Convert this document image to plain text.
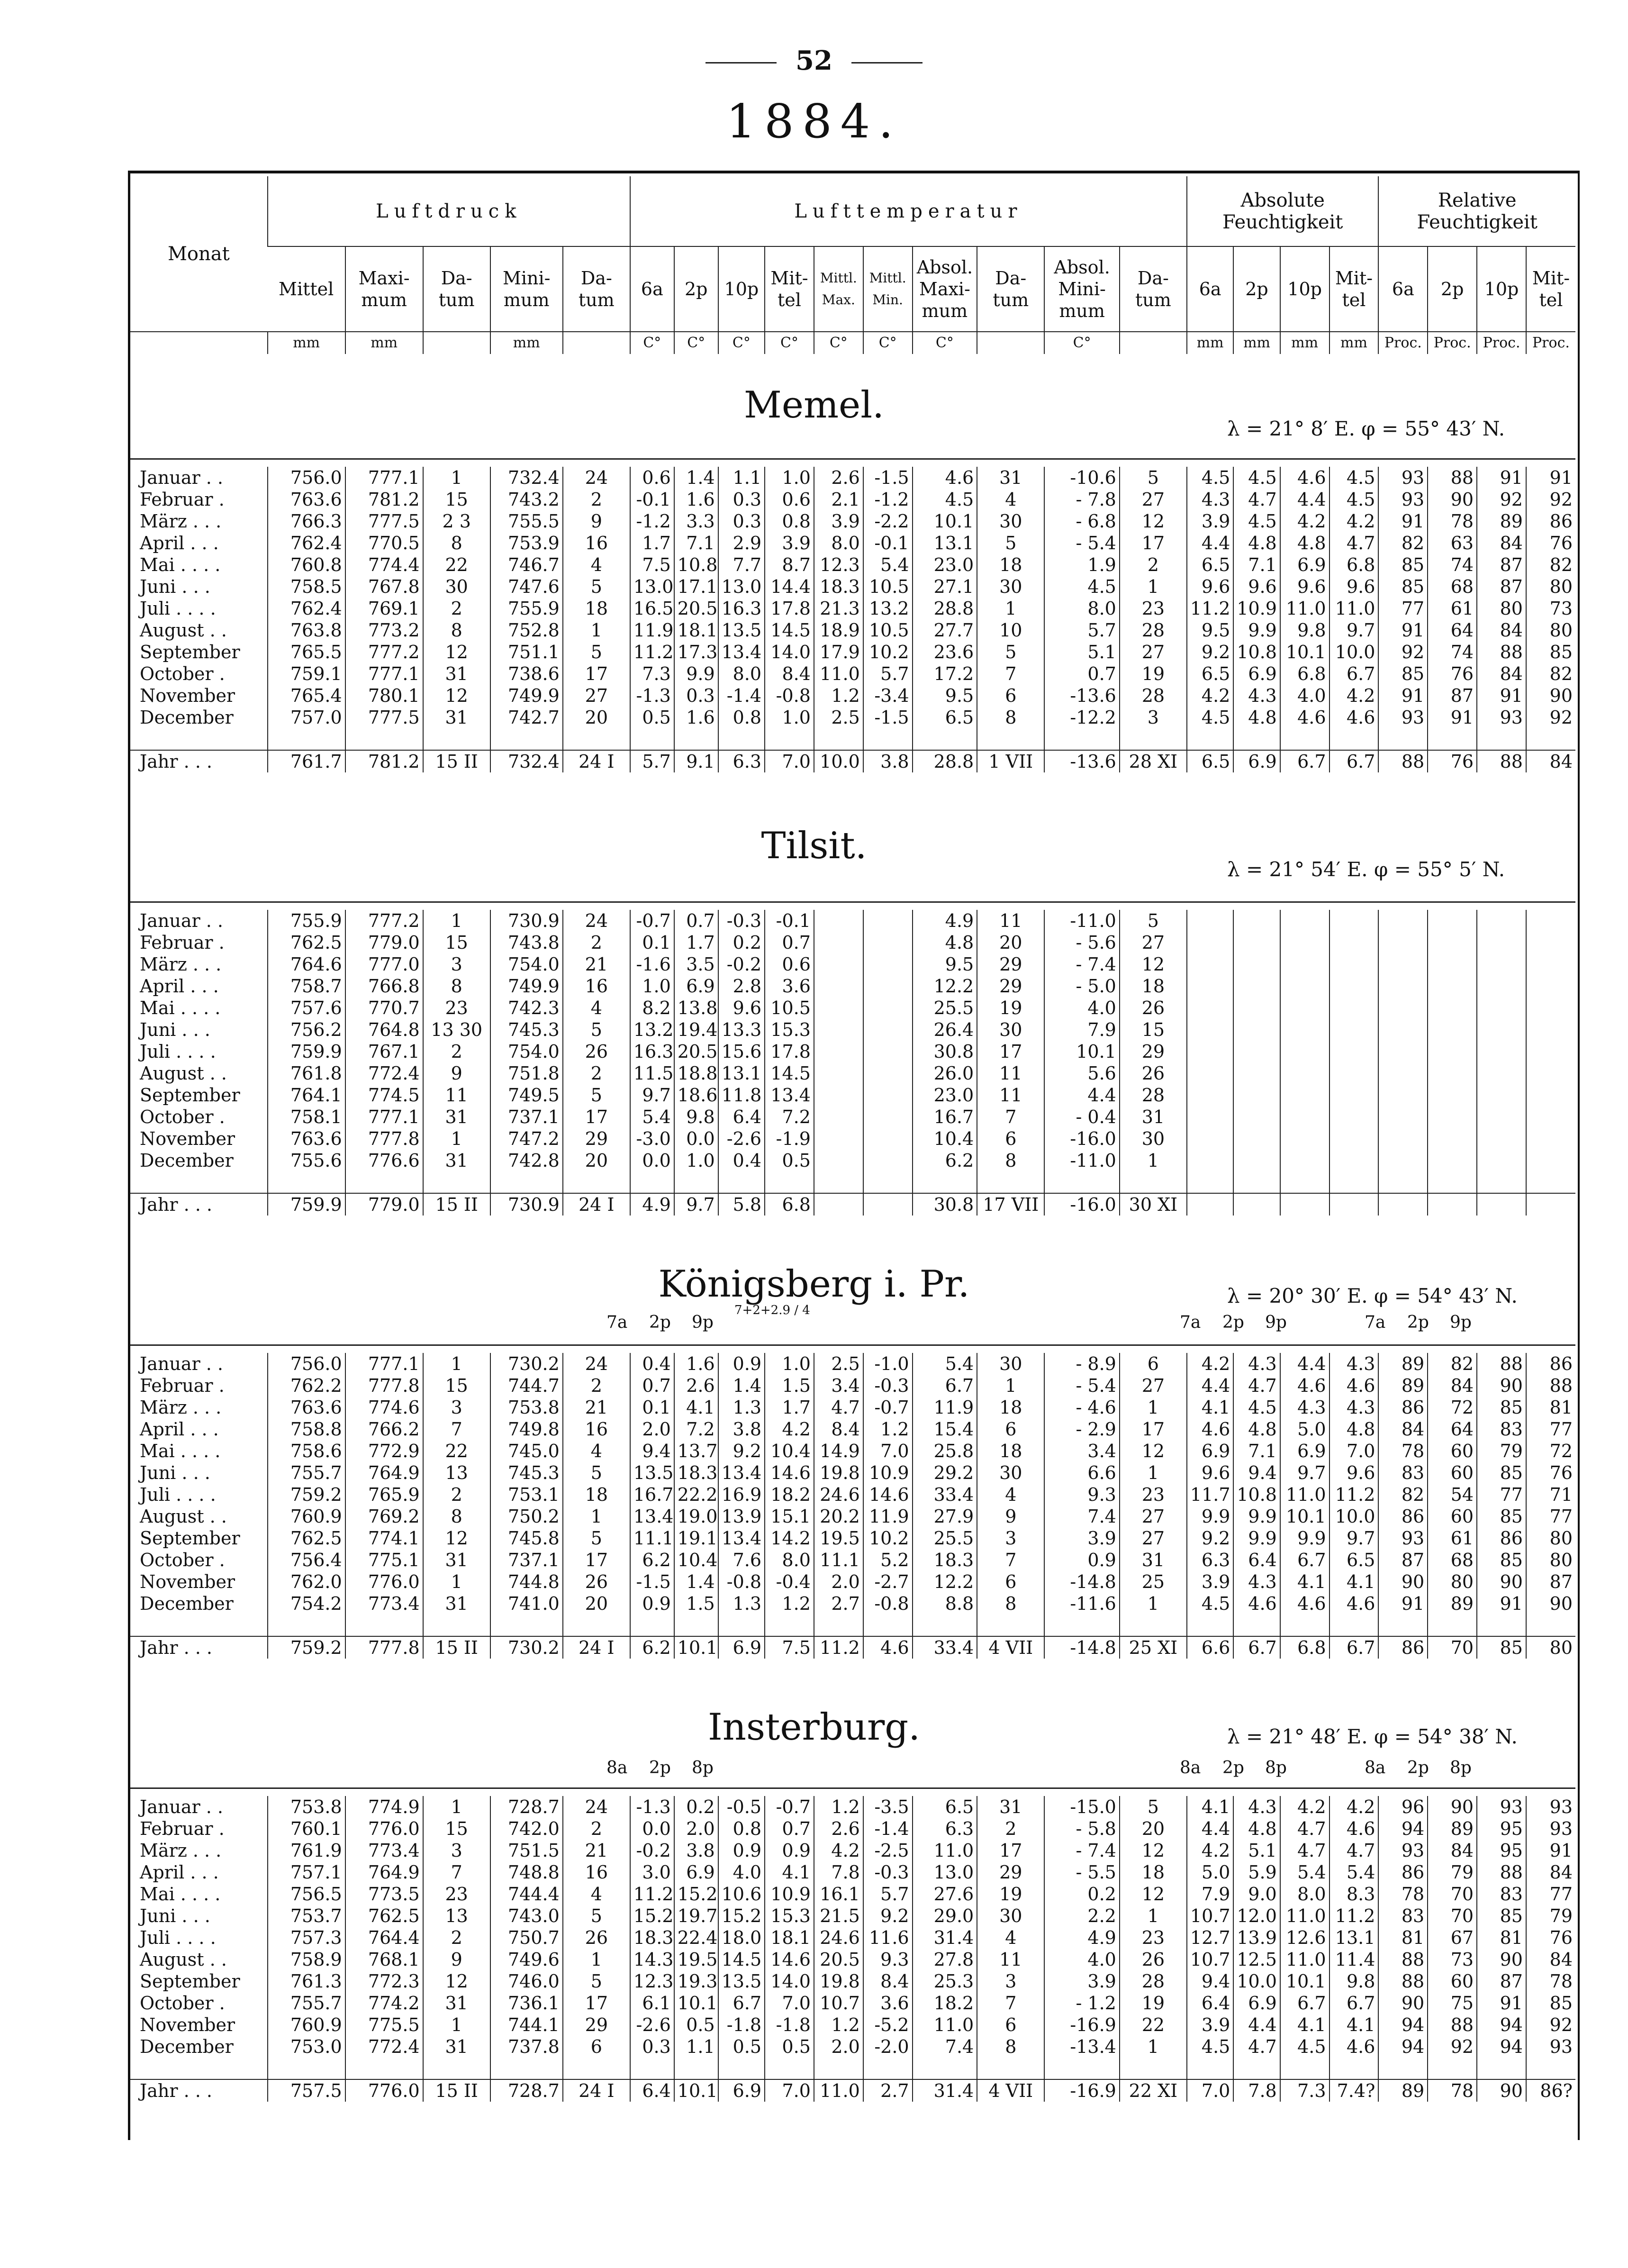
52
1884.
Monat	Luftdruck					Lufttemperatur										Absolute Feuchtigkeit				Relative Feuchtigkeit			
	Mittel	Maxi-mum	Da-tum	Mini-mum	Da-tum	6a	2p	10p	Mit-tel	Mittl. Max.	Mittl. Min.	Absol. Maxi-mum	Da-tum	Absol. Mini-mum	Da-tum	6a	2p	10p	Mit-tel	6a	2p	10p	Mit-tel
	mm	mm		mm		C°	C°	C°	C°	C°	C°	C°		C°		mm	mm	mm	mm	Proc.	Proc.	Proc.	Proc.
Memel.
λ = 21° 8′ E. φ = 55° 43′ N.
Januar . .	756.0	777.1	1	732.4	24	0.6	1.4	1.1	1.0	2.6	-1.5	4.6	31	-10.6	5	4.5	4.5	4.6	4.5	93	88	91	91
Februar .	763.6	781.2	15	743.2	2	-0.1	1.6	0.3	0.6	2.1	-1.2	4.5	4	- 7.8	27	4.3	4.7	4.4	4.5	93	90	92	92
März . . .	766.3	777.5	2 3	755.5	9	-1.2	3.3	0.3	0.8	3.9	-2.2	10.1	30	- 6.8	12	3.9	4.5	4.2	4.2	91	78	89	86
April . . .	762.4	770.5	8	753.9	16	1.7	7.1	2.9	3.9	8.0	-0.1	13.1	5	- 5.4	17	4.4	4.8	4.8	4.7	82	63	84	76
Mai . . . .	760.8	774.4	22	746.7	4	7.5	10.8	7.7	8.7	12.3	5.4	23.0	18	1.9	2	6.5	7.1	6.9	6.8	85	74	87	82
Juni . . .	758.5	767.8	30	747.6	5	13.0	17.1	13.0	14.4	18.3	10.5	27.1	30	4.5	1	9.6	9.6	9.6	9.6	85	68	87	80
Juli . . . .	762.4	769.1	2	755.9	18	16.5	20.5	16.3	17.8	21.3	13.2	28.8	1	8.0	23	11.2	10.9	11.0	11.0	77	61	80	73
August . .	763.8	773.2	8	752.8	1	11.9	18.1	13.5	14.5	18.9	10.5	27.7	10	5.7	28	9.5	9.9	9.8	9.7	91	64	84	80
September	765.5	777.2	12	751.1	5	11.2	17.3	13.4	14.0	17.9	10.2	23.6	5	5.1	27	9.2	10.8	10.1	10.0	92	74	88	85
October .	759.1	777.1	31	738.6	17	7.3	9.9	8.0	8.4	11.0	5.7	17.2	7	0.7	19	6.5	6.9	6.8	6.7	85	76	84	82
November	765.4	780.1	12	749.9	27	-1.3	0.3	-1.4	-0.8	1.2	-3.4	9.5	6	-13.6	28	4.2	4.3	4.0	4.2	91	87	91	90
December	757.0	777.5	31	742.7	20	0.5	1.6	0.8	1.0	2.5	-1.5	6.5	8	-12.2	3	4.5	4.8	4.6	4.6	93	91	93	92

Jahr . . .	761.7	781.2	15 II	732.4	24 I	5.7	9.1	6.3	7.0	10.0	3.8	28.8	1 VII	-13.6	28 XI	6.5	6.9	6.7	6.7	88	76	88	84
Tilsit.
λ = 21° 54′ E. φ = 55° 5′ N.
Januar . .	755.9	777.2	1	730.9	24	-0.7	0.7	-0.3	-0.1			4.9	11	-11.0	5								
Februar .	762.5	779.0	15	743.8	2	0.1	1.7	0.2	0.7			4.8	20	- 5.6	27								
März . . .	764.6	777.0	3	754.0	21	-1.6	3.5	-0.2	0.6			9.5	29	- 7.4	12								
April . . .	758.7	766.8	8	749.9	16	1.0	6.9	2.8	3.6			12.2	29	- 5.0	18								
Mai . . . .	757.6	770.7	23	742.3	4	8.2	13.8	9.6	10.5			25.5	19	4.0	26								
Juni . . .	756.2	764.8	13 30	745.3	5	13.2	19.4	13.3	15.3			26.4	30	7.9	15								
Juli . . . .	759.9	767.1	2	754.0	26	16.3	20.5	15.6	17.8			30.8	17	10.1	29								
August . .	761.8	772.4	9	751.8	2	11.5	18.8	13.1	14.5			26.0	11	5.6	26								
September	764.1	774.5	11	749.5	5	9.7	18.6	11.8	13.4			23.0	11	4.4	28								
October .	758.1	777.1	31	737.1	17	5.4	9.8	6.4	7.2			16.7	7	- 0.4	31								
November	763.6	777.8	1	747.2	29	-3.0	0.0	-2.6	-1.9			10.4	6	-16.0	30								
December	755.6	776.6	31	742.8	20	0.0	1.0	0.4	0.5			6.2	8	-11.0	1								

Jahr . . .	759.9	779.0	15 II	730.9	24 I	4.9	9.7	5.8	6.8			30.8	17 VII	-16.0	30 XI								
Königsberg i. Pr.	λ = 20° 30′ E. φ = 54° 43′ N.
7a 2p 9p
7+2+2.9 / 4
7a 2p 9p	7a 2p 9p
Januar . .	756.0	777.1	1	730.2	24	0.4	1.6	0.9	1.0	2.5	-1.0	5.4	30	- 8.9	6	4.2	4.3	4.4	4.3	89	82	88	86
Februar .	762.2	777.8	15	744.7	2	0.7	2.6	1.4	1.5	3.4	-0.3	6.7	1	- 5.4	27	4.4	4.7	4.6	4.6	89	84	90	88
März . . .	763.6	774.6	3	753.8	21	0.1	4.1	1.3	1.7	4.7	-0.7	11.9	18	- 4.6	1	4.1	4.5	4.3	4.3	86	72	85	81
April . . .	758.8	766.2	7	749.8	16	2.0	7.2	3.8	4.2	8.4	1.2	15.4	6	- 2.9	17	4.6	4.8	5.0	4.8	84	64	83	77
Mai . . . .	758.6	772.9	22	745.0	4	9.4	13.7	9.2	10.4	14.9	7.0	25.8	18	3.4	12	6.9	7.1	6.9	7.0	78	60	79	72
Juni . . .	755.7	764.9	13	745.3	5	13.5	18.3	13.4	14.6	19.8	10.9	29.2	30	6.6	1	9.6	9.4	9.7	9.6	83	60	85	76
Juli . . . .	759.2	765.9	2	753.1	18	16.7	22.2	16.9	18.2	24.6	14.6	33.4	4	9.3	23	11.7	10.8	11.0	11.2	82	54	77	71
August . .	760.9	769.2	8	750.2	1	13.4	19.0	13.9	15.1	20.2	11.9	27.9	9	7.4	27	9.9	9.9	10.1	10.0	86	60	85	77
September	762.5	774.1	12	745.8	5	11.1	19.1	13.4	14.2	19.5	10.2	25.5	3	3.9	27	9.2	9.9	9.9	9.7	93	61	86	80
October .	756.4	775.1	31	737.1	17	6.2	10.4	7.6	8.0	11.1	5.2	18.3	7	0.9	31	6.3	6.4	6.7	6.5	87	68	85	80
November	762.0	776.0	1	744.8	26	-1.5	1.4	-0.8	-0.4	2.0	-2.7	12.2	6	-14.8	25	3.9	4.3	4.1	4.1	90	80	90	87
December	754.2	773.4	31	741.0	20	0.9	1.5	1.3	1.2	2.7	-0.8	8.8	8	-11.6	1	4.5	4.6	4.6	4.6	91	89	91	90

Jahr . . .	759.2	777.8	15 II	730.2	24 I	6.2	10.1	6.9	7.5	11.2	4.6	33.4	4 VII	-14.8	25 XI	6.6	6.7	6.8	6.7	86	70	85	80
Insterburg.	λ = 21° 48′ E. φ = 54° 38′ N.
8a 2p 8p	8a 2p 8p	8a 2p 8p
Januar . .	753.8	774.9	1	728.7	24	-1.3	0.2	-0.5	-0.7	1.2	-3.5	6.5	31	-15.0	5	4.1	4.3	4.2	4.2	96	90	93	93
Februar .	760.1	776.0	15	742.0	2	0.0	2.0	0.8	0.7	2.6	-1.4	6.3	2	- 5.8	20	4.4	4.8	4.7	4.6	94	89	95	93
März . . .	761.9	773.4	3	751.5	21	-0.2	3.8	0.9	0.9	4.2	-2.5	11.0	17	- 7.4	12	4.2	5.1	4.7	4.7	93	84	95	91
April . . .	757.1	764.9	7	748.8	16	3.0	6.9	4.0	4.1	7.8	-0.3	13.0	29	- 5.5	18	5.0	5.9	5.4	5.4	86	79	88	84
Mai . . . .	756.5	773.5	23	744.4	4	11.2	15.2	10.6	10.9	16.1	5.7	27.6	19	0.2	12	7.9	9.0	8.0	8.3	78	70	83	77
Juni . . .	753.7	762.5	13	743.0	5	15.2	19.7	15.2	15.3	21.5	9.2	29.0	30	2.2	1	10.7	12.0	11.0	11.2	83	70	85	79
Juli . . . .	757.3	764.4	2	750.7	26	18.3	22.4	18.0	18.1	24.6	11.6	31.4	4	4.9	23	12.7	13.9	12.6	13.1	81	67	81	76
August . .	758.9	768.1	9	749.6	1	14.3	19.5	14.5	14.6	20.5	9.3	27.8	11	4.0	26	10.7	12.5	11.0	11.4	88	73	90	84
September	761.3	772.3	12	746.0	5	12.3	19.3	13.5	14.0	19.8	8.4	25.3	3	3.9	28	9.4	10.0	10.1	9.8	88	60	87	78
October .	755.7	774.2	31	736.1	17	6.1	10.1	6.7	7.0	10.7	3.6	18.2	7	- 1.2	19	6.4	6.9	6.7	6.7	90	75	91	85
November	760.9	775.5	1	744.1	29	-2.6	0.5	-1.8	-1.8	1.2	-5.2	11.0	6	-16.9	22	3.9	4.4	4.1	4.1	94	88	94	92
December	753.0	772.4	31	737.8	6	0.3	1.1	0.5	0.5	2.0	-2.0	7.4	8	-13.4	1	4.5	4.7	4.5	4.6	94	92	94	93

Jahr . . .	757.5	776.0	15 II	728.7	24 I	6.4	10.1	6.9	7.0	11.0	2.7	31.4	4 VII	-16.9	22 XI	7.0	7.8	7.3	7.4?	89	78	90	86?
